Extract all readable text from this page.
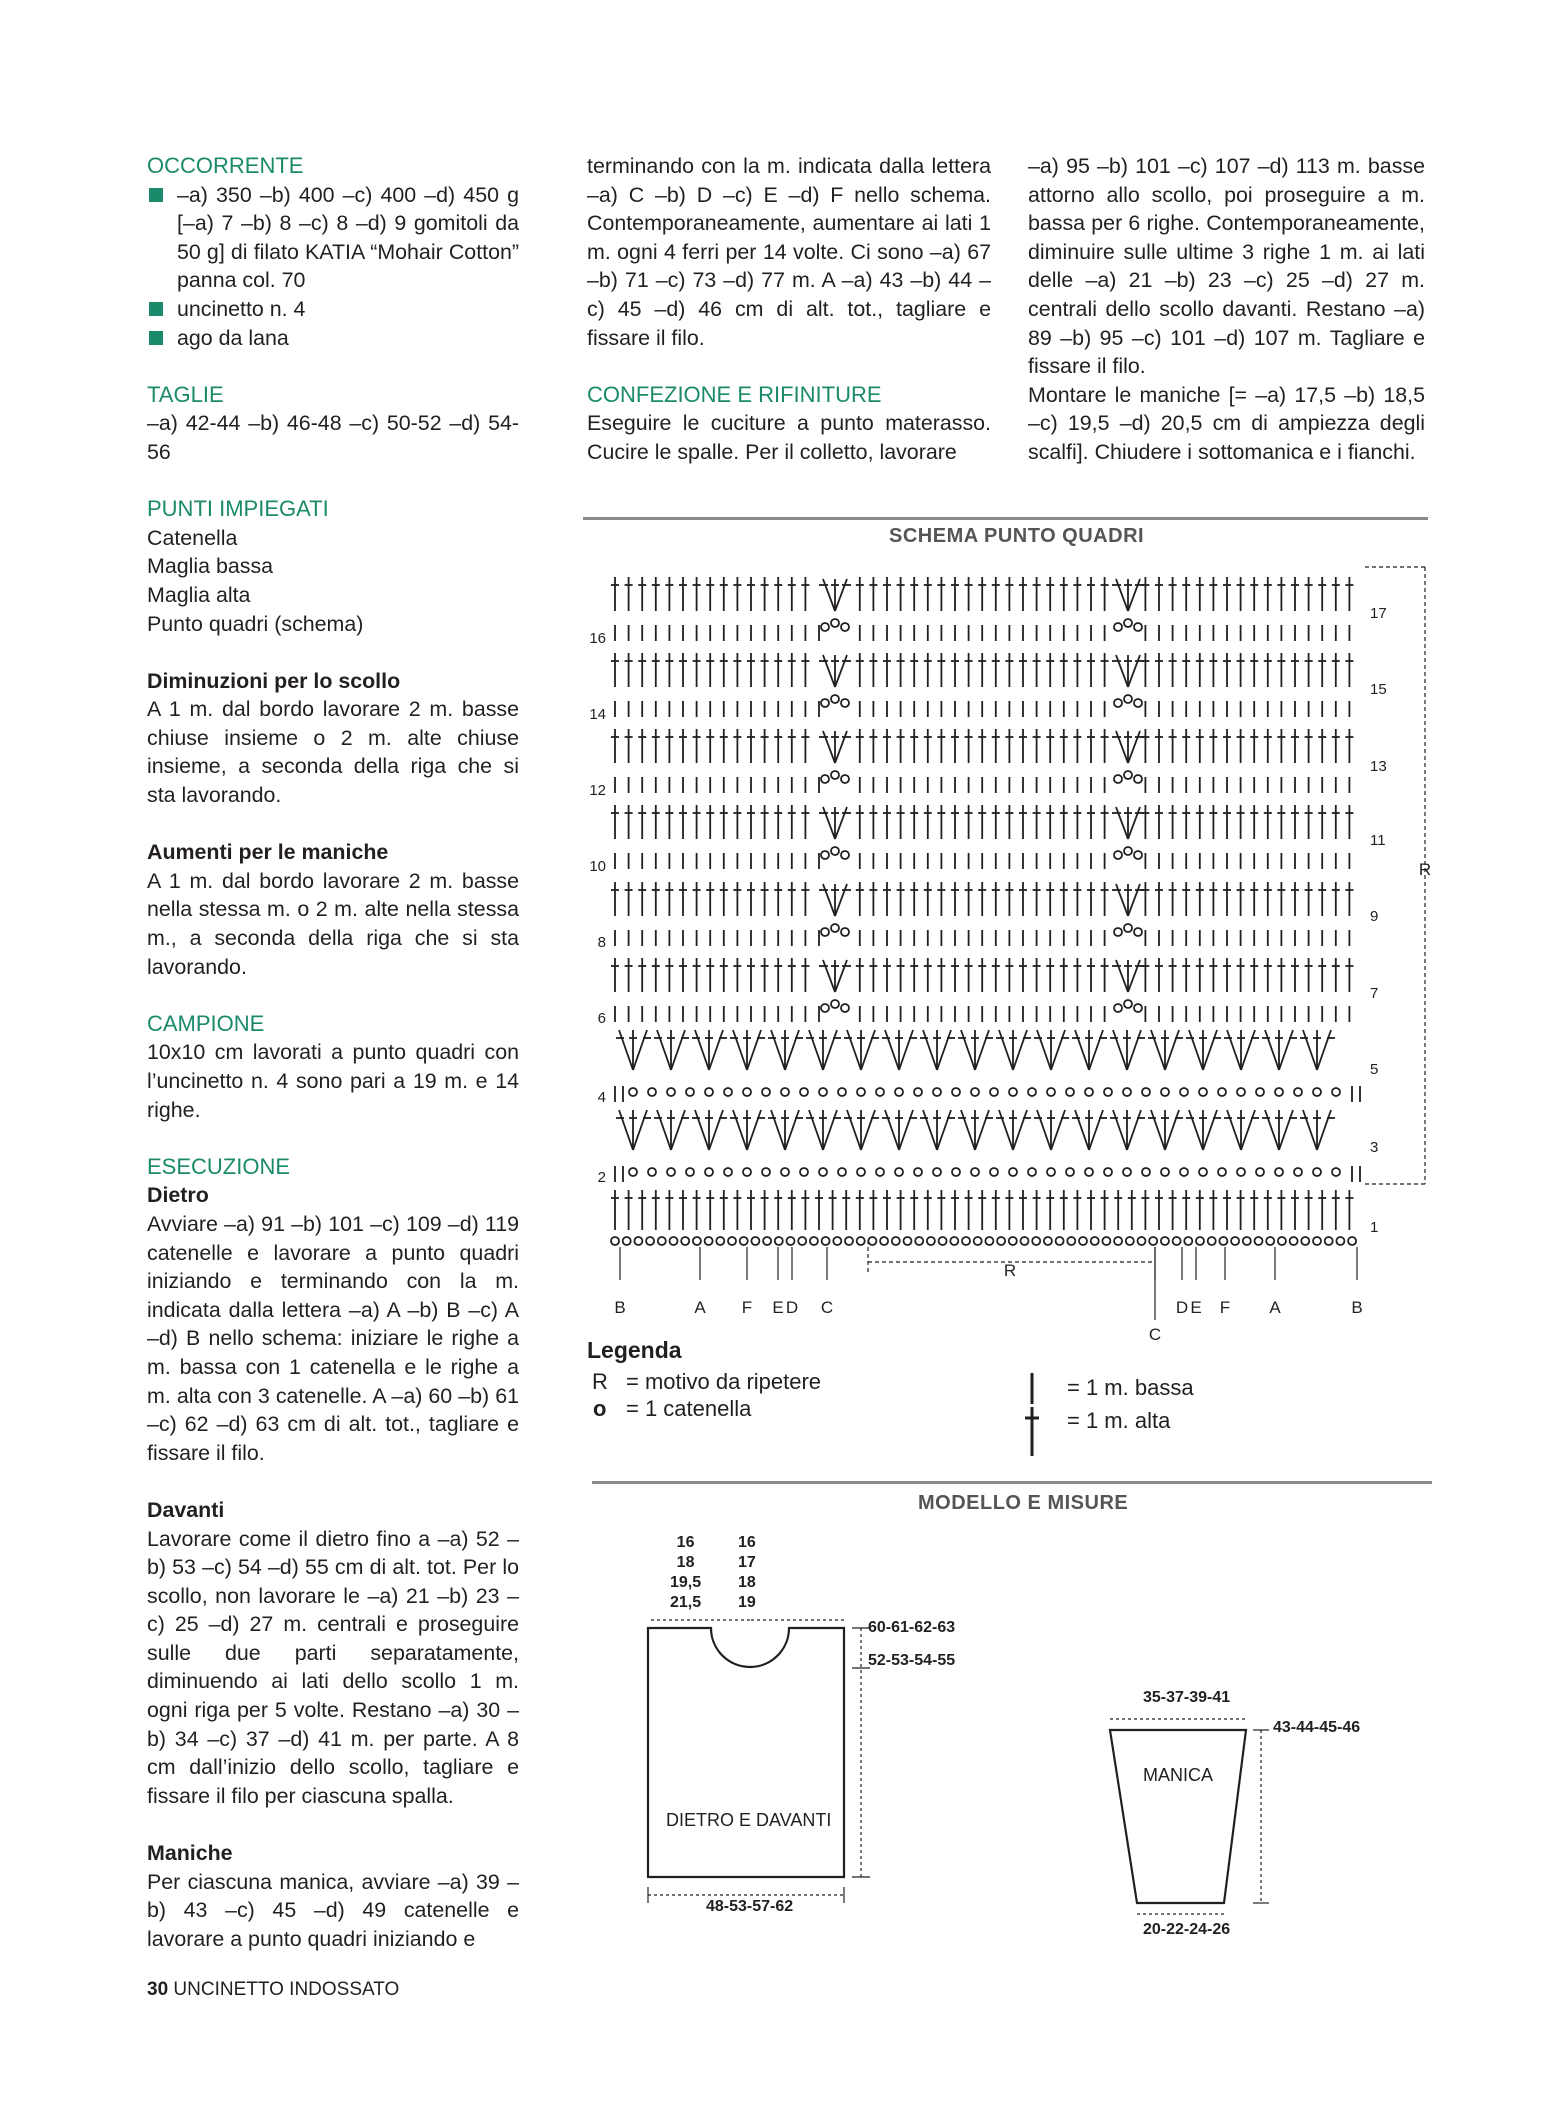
OCCORRENTE

–a) 350 –b) 400 –c) 400 –d) 450 g [–a) 7 –b) 8 –c) 8 –d) 9 gomitoli da 50 g] di filato KATIA “Mohair Cotton” panna col. 70

uncinetto n. 4

ago da lana

TAGLIE

–a) 42-44 –b) 46-48 –c) 50-52 –d) 54-56

PUNTI IMPIEGATI

Catenella

Maglia bassa

Maglia alta

Punto quadri (schema)

Diminuzioni per lo scollo

A 1 m. dal bordo lavorare 2 m. basse chiuse insieme o 2 m. alte chiuse insieme, a seconda della riga che si sta lavorando.

Aumenti per le maniche

A 1 m. dal bordo lavorare 2 m. basse nella stessa m. o 2 m. alte nella stessa m., a seconda della riga che si sta lavorando.

CAMPIONE

10x10 cm lavorati a punto quadri con l’uncinetto n. 4 sono pari a 19 m. e 14 righe.

ESECUZIONE
Dietro

Avviare –a) 91 –b) 101 –c) 109 –d) 119 catenelle e lavorare a punto quadri iniziando e terminando con la m. indicata dalla lettera –a) A –b) B –c) A –d) B nello schema: iniziare le righe a m. bassa con 1 catenella e le righe a m. alta con 3 catenelle. A –a) 60 –b) 61 –c) 62 –d) 63 cm di alt. tot., tagliare e fissare il filo.

Davanti

Lavorare come il dietro fino a –a) 52 –b) 53 –c) 54 –d) 55 cm di alt. tot. Per lo scollo, non lavorare le –a) 21 –b) 23 –c) 25 –d) 27 m. centrali e proseguire sulle due parti separatamente, diminuendo ai lati dello scollo 1 m. ogni riga per 5 volte. Restano –a) 30 –b) 34 –c) 37 –d) 41 m. per parte. A 8 cm dall’inizio dello scollo, tagliare e fissare il filo per ciascuna spalla.

Maniche

Per ciascuna manica, avviare –a) 39 –b) 43 –c) 45 –d) 49 catenelle e lavorare a punto quadri iniziando e

terminando con la m. indicata dalla lettera –a) C –b) D –c) E –d) F nello schema. Contemporaneamente, aumentare ai lati 1 m. ogni 4 ferri per 14 volte. Ci sono –a) 67 –b) 71 –c) 73 –d) 77 m. A –a) 43 –b) 44 –c) 45 –d) 46 cm di alt. tot., tagliare e fissare il filo.

CONFEZIONE E RIFINITURE

Eseguire le cuciture a punto materasso. Cucire le spalle. Per il colletto, lavorare

–a) 95 –b) 101 –c) 107 –d) 113 m. basse attorno allo scollo, poi proseguire a m. bassa per 6 righe. Contemporaneamente, diminuire sulle ultime 3 righe 1 m. ai lati delle –a) 21 –b) 23 –c) 25 –d) 27 m. centrali dello scollo davanti. Restano –a) 89 –b) 95 –c) 101 –d) 107 m. Tagliare e fissare il filo.

Montare le maniche [= –a) 17,5 –b) 18,5 –c) 19,5 –d) 20,5 cm di ampiezza degli scalfi]. Chiudere i sottomanica e i fianchi.

SCHEMA PUNTO QUADRI
17
15
13
11
9
7
5
3
1
16
14
12
10
8
6
4
2
R
R
B	A F E D C
C
D E F A	B
Legenda
R = motivo da ripetere
o = 1 catenella
= 1 m. bassa
= 1 m. alta
MODELLO E MISURE
16
18
19,5
21,5
16
17
18
19
60-61-62-63
52-53-54-55
DIETRO E DAVANTI
48-53-57-62
35-37-39-41
43-44-45-46
MANICA
20-22-24-26
30 UNCINETTO INDOSSATO
